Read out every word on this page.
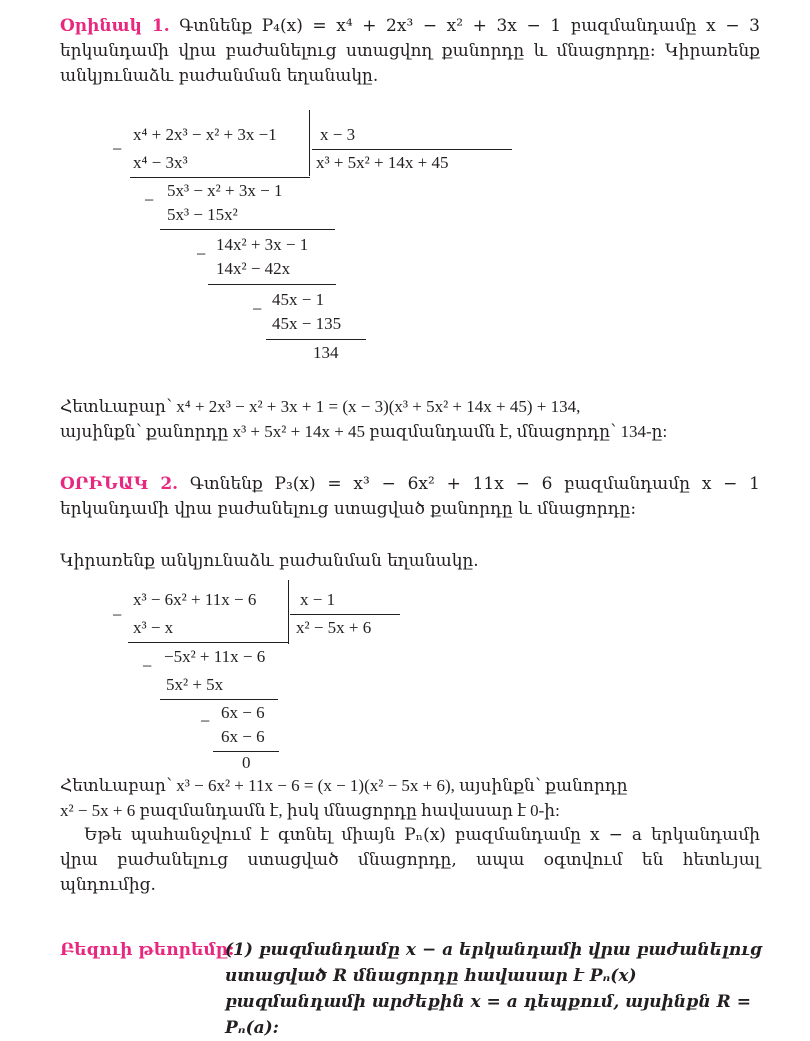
Օրինակ 1. Գտնենք P₄(x) = x⁴ + 2x³ − x² + 3x − 1 բազմանդամը x − 3 երկանդամի վրա բաժանելուց ստացվող քանորդը և մնացորդը: Կիրառենք անկյունաձև բաժանման եղանակը.

−
x⁴ + 2x³ − x² + 3x −1	x − 3
x³ + 5x² + 14x + 45
x⁴ − 3x³
− 5x³ − x² + 3x − 1
5x³ − 15x²
− 14x² + 3x − 1
14x² − 42x
− 45x − 1
45x − 135
134
Հետևաբար՝ x⁴ + 2x³ − x² + 3x + 1 = (x − 3)(x³ + 5x² + 14x + 45) + 134,
այսինքն՝ քանորդը x³ + 5x² + 14x + 45 բազմանդամն է, մնացորդը՝ 134-ը:

ՕՐԻՆԱԿ 2. Գտնենք P₃(x) = x³ − 6x² + 11x − 6 բազմանդամը x − 1 երկանդամի վրա բաժանելուց ստացված քանորդը և մնացորդը:

Կիրառենք անկյունաձև բաժանման եղանակը.
−
x³ − 6x² + 11x − 6	x − 1
x² − 5x + 6
x³ − x
− −5x² + 11x − 6
5x² + 5x
− 6x − 6
6x − 6
0
Հետևաբար՝ x³ − 6x² + 11x − 6 = (x − 1)(x² − 5x + 6), այսինքն՝ քանորդը
x² − 5x + 6 բազմանդամն է, իսկ մնացորդը հավասար է 0-ի:

Եթե պահանջվում է գտնել միայն Pₙ(x) բազմանդամը x − a երկանդամի վրա բաժանելուց ստացված մնացորդը, ապա օգտվում են հետևյալ պնդումից.

Բեզուի թեորեմը:
(1) բազմանդամը x − a երկանդամի վրա բաժանելուց ստացված R մնացորդը հավասար է Pₙ(x) բազմանդամի արժեքին x = a դեպքում, այսինքն R = Pₙ(a):
